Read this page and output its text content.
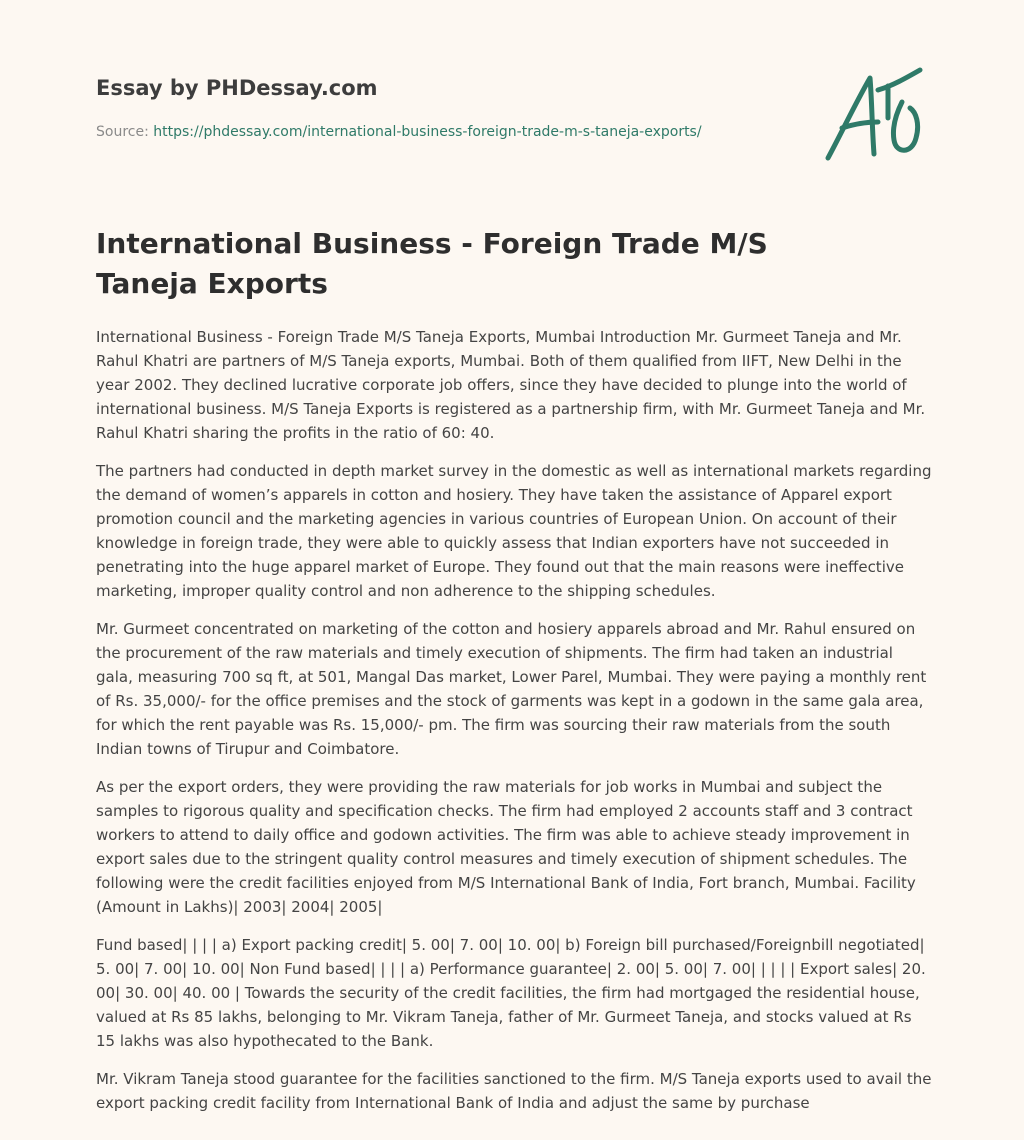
Essay by PHDessay.com
Source: https://phdessay.com/international-business-foreign-trade-m-s-taneja-exports/
International Business - Foreign Trade M/S Taneja Exports

International Business - Foreign Trade M/S Taneja Exports, Mumbai Introduction Mr. Gurmeet Taneja and Mr. Rahul Khatri are partners of M/S Taneja exports, Mumbai. Both of them qualified from IIFT, New Delhi in the year 2002. They declined lucrative corporate job offers, since they have decided to plunge into the world of international business. M/S Taneja Exports is registered as a partnership firm, with Mr. Gurmeet Taneja and Mr. Rahul Khatri sharing the profits in the ratio of 60: 40.

The partners had conducted in depth market survey in the domestic as well as international markets regarding the demand of women’s apparels in cotton and hosiery. They have taken the assistance of Apparel export promotion council and the marketing agencies in various countries of European Union. On account of their knowledge in foreign trade, they were able to quickly assess that Indian exporters have not succeeded in penetrating into the huge apparel market of Europe. They found out that the main reasons were ineffective marketing, improper quality control and non adherence to the shipping schedules.

Mr. Gurmeet concentrated on marketing of the cotton and hosiery apparels abroad and Mr. Rahul ensured on the procurement of the raw materials and timely execution of shipments. The firm had taken an industrial gala, measuring 700 sq ft, at 501, Mangal Das market, Lower Parel, Mumbai. They were paying a monthly rent of Rs. 35,000/- for the office premises and the stock of garments was kept in a godown in the same gala area, for which the rent payable was Rs. 15,000/- pm. The firm was sourcing their raw materials from the south Indian towns of Tirupur and Coimbatore.

As per the export orders, they were providing the raw materials for job works in Mumbai and subject the samples to rigorous quality and specification checks. The firm had employed 2 accounts staff and 3 contract workers to attend to daily office and godown activities. The firm was able to achieve steady improvement in export sales due to the stringent quality control measures and timely execution of shipment schedules. The following were the credit facilities enjoyed from M/S International Bank of India, Fort branch, Mumbai. Facility (Amount in Lakhs)| 2003| 2004| 2005|

Fund based| | | | a) Export packing credit| 5. 00| 7. 00| 10. 00| b) Foreign bill purchased/Foreignbill negotiated| 5. 00| 7. 00| 10. 00| Non Fund based| | | | a) Performance guarantee| 2. 00| 5. 00| 7. 00| | | | | Export sales| 20. 00| 30. 00| 40. 00 | Towards the security of the credit facilities, the firm had mortgaged the residential house, valued at Rs 85 lakhs, belonging to Mr. Vikram Taneja, father of Mr. Gurmeet Taneja, and stocks valued at Rs 15 lakhs was also hypothecated to the Bank.

Mr. Vikram Taneja stood guarantee for the facilities sanctioned to the firm. M/S Taneja exports used to avail the export packing credit facility from International Bank of India and adjust the same by purchase
